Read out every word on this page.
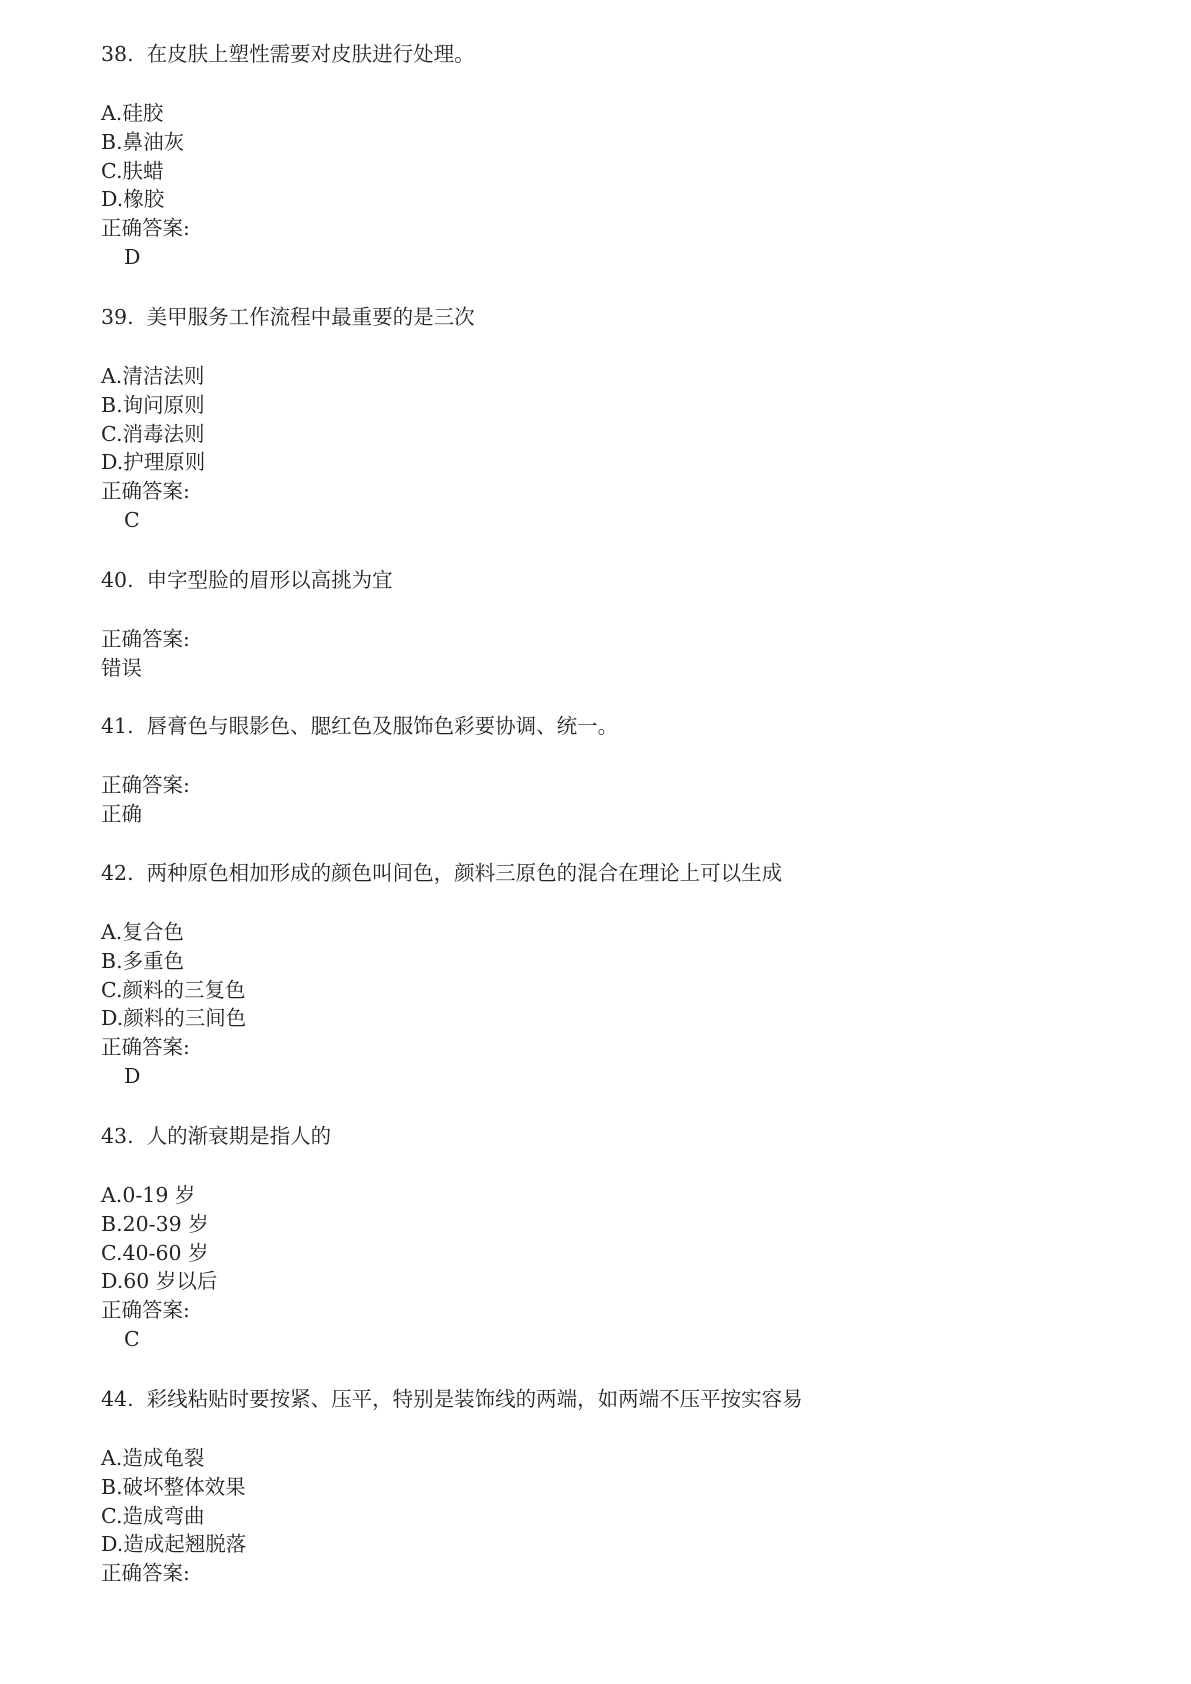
38.  在皮肤上塑性需要对皮肤进行处理。
A.硅胶
B.鼻油灰
C.肤蜡
D.橡胶
正确答案:
D
39.  美甲服务工作流程中最重要的是三次
A.清洁法则
B.询问原则
C.消毒法则
D.护理原则
正确答案:
C
40.  申字型脸的眉形以高挑为宜
正确答案:
错误
41.  唇膏色与眼影色、腮红色及服饰色彩要协调、统一。
正确答案:
正确
42.  两种原色相加形成的颜色叫间色，颜料三原色的混合在理论上可以生成
A.复合色
B.多重色
C.颜料的三复色
D.颜料的三间色
正确答案:
D
43.  人的渐衰期是指人的
A.0-19 岁
B.20-39 岁
C.40-60 岁
D.60 岁以后
正确答案:
C
44.  彩线粘贴时要按紧、压平，特别是装饰线的两端，如两端不压平按实容易
A.造成龟裂
B.破坏整体效果
C.造成弯曲
D.造成起翘脱落
正确答案:
